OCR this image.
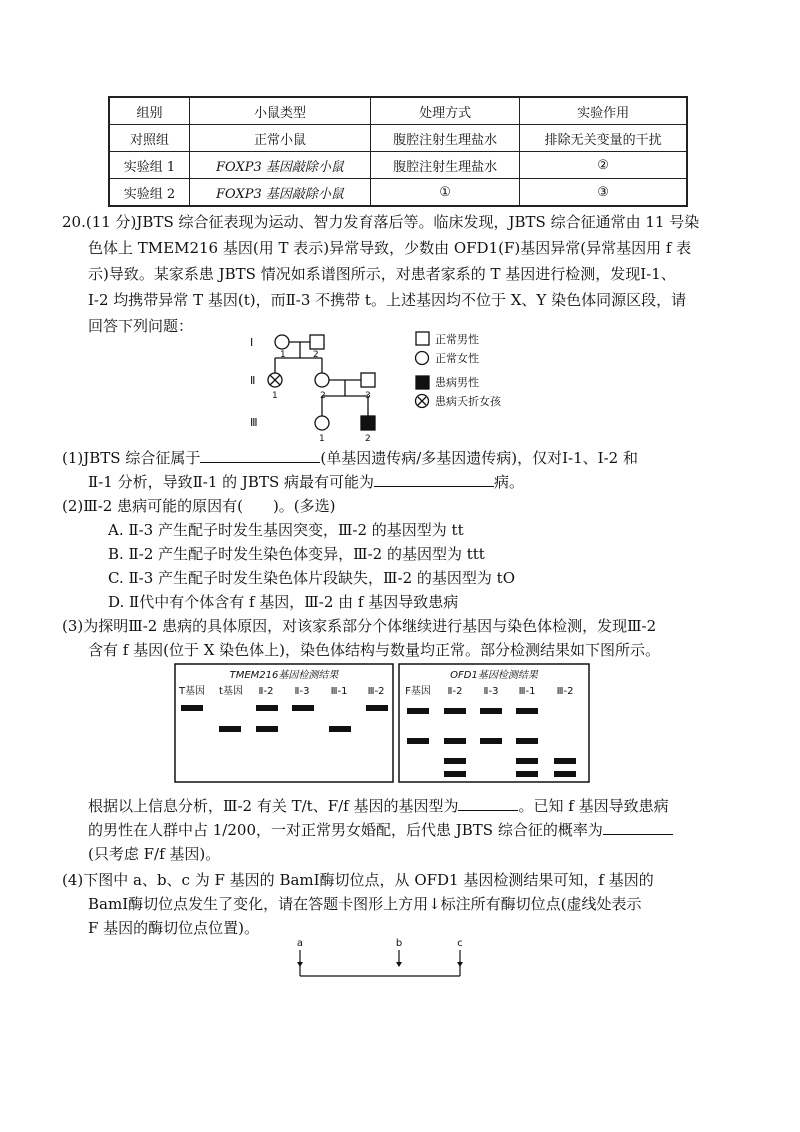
组别	小鼠类型	处理方式	实验作用
对照组	正常小鼠	腹腔注射生理盐水	排除无关变量的干扰
实验组 1	FOXP3 基因敲除小鼠	腹腔注射生理盐水	②
实验组 2	FOXP3 基因敲除小鼠	①	③
20.(11 分)JBTS 综合征表现为运动、智力发育落后等。临床发现，JBTS 综合征通常由 11 号染
色体上 TMEM216 基因(用 T 表示)异常导致，少数由 OFD1(F)基因异常(异常基因用 f 表
示)导致。某家系患 JBTS 情况如系谱图所示，对患者家系的 T 基因进行检测，发现Ⅰ-1、
Ⅰ-2 均携带异常 T 基因(t)，而Ⅱ-3 不携带 t。上述基因均不位于 X、Y 染色体同源区段，请
回答下列问题：
Ⅰ
Ⅱ
Ⅲ
1	2
1	2	3
1	2
正常男性
正常女性
患病男性
患病夭折女孩
(1)JBTS 综合征属于	(单基因遗传病/多基因遗传病)，仅对Ⅰ-1、Ⅰ-2 和
Ⅱ-1 分析，导致Ⅱ-1 的 JBTS 病最有可能为	病。
(2)Ⅲ-2 患病可能的原因有(　　)。(多选)
A. Ⅱ-3 产生配子时发生基因突变，Ⅲ-2 的基因型为 tt
B. Ⅱ-2 产生配子时发生染色体变异，Ⅲ-2 的基因型为 ttt
C. Ⅱ-3 产生配子时发生染色体片段缺失，Ⅲ-2 的基因型为 tO
D. Ⅱ代中有个体含有 f 基因，Ⅲ-2 由 f 基因导致患病
(3)为探明Ⅲ-2 患病的具体原因，对该家系部分个体继续进行基因与染色体检测，发现Ⅲ-2
含有 f 基因(位于 X 染色体上)，染色体结构与数量均正常。部分检测结果如下图所示。
TMEM216基因检测结果	OFD1基因检测结果
T基因 t基因 Ⅱ-2 Ⅱ-3 Ⅲ-1 Ⅲ-2 F基因 Ⅱ-2 Ⅱ-3 Ⅲ-1 Ⅲ-2
根据以上信息分析，Ⅲ-2 有关 T/t、F/f 基因的基因型为	。已知 f 基因导致患病
的男性在人群中占 1/200，一对正常男女婚配，后代患 JBTS 综合征的概率为
(只考虑 F/f 基因)。
(4)下图中 a、b、c 为 F 基因的 BamⅠ酶切位点，从 OFD1 基因检测结果可知，f 基因的
BamⅠ酶切位点发生了变化，请在答题卡图形上方用↓标注所有酶切位点(虚线处表示
F 基因的酶切位点位置)。
a	b	c
